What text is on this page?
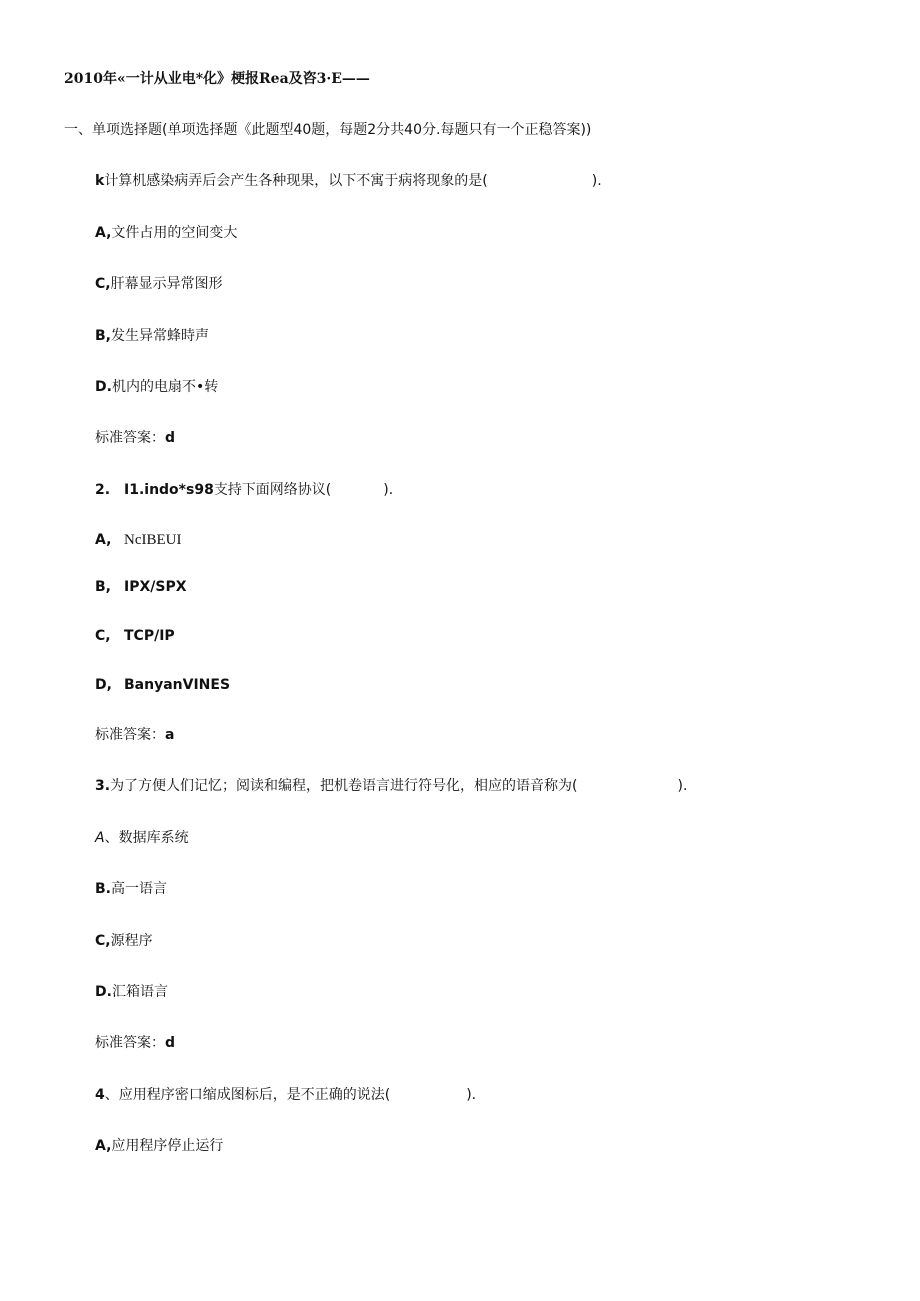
2010年«一计从业电*化》梗报Rea及咨3·E——
一、单项选择题(单项选择题《此题型40题，每题2分共40分.每题只有一个正稳答案))
k计算机感染病弄后会产生各种现果，以下不寓于病将现象的是(	).
A,文件占用的空间变大
C,肝幕显示异常图形
B,发生异常蜂時声
D.机内的电扇不•转
标准答案：d
2. I1.indo*s98支持下面网络协议(	).
A, NcIBEUI
B, IPX/SPX
C, TCP/IP
D, BanyanVINES
标准答案：a
3.为了方便人们记忆；阅读和编程，把机卷语言进行符号化，相应的语音称为(	).
A、数据库系统
B.高一语言
C,源程序
D.汇箱语言
标准答案：d
4、应用程序密口缩成图标后，是不正确的说法(	).
A,应用程序停止运行
